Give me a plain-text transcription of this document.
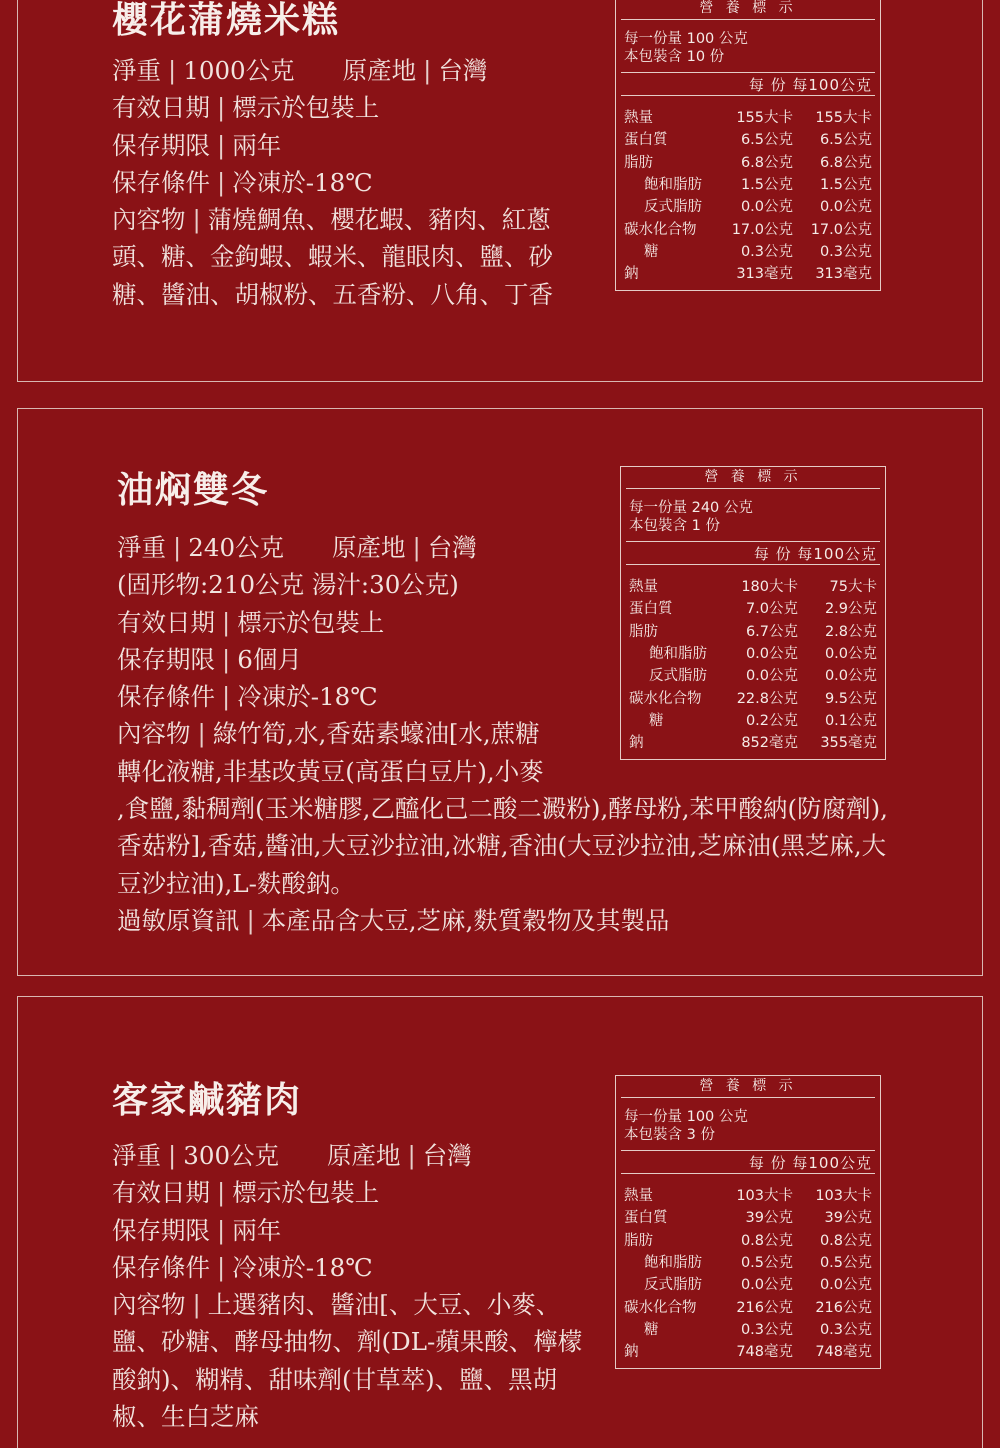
櫻花蒲燒米糕
淨重 | 1000公克 原產地 | 台灣
有效日期 | 標示於包裝上
保存期限 | 兩年
保存條件 | 冷凍於-18℃
內容物 | 蒲燒鯛魚、櫻花蝦、豬肉、紅蔥頭、糖、金鉤蝦、蝦米、龍眼肉、鹽、砂糖、醬油、胡椒粉、五香粉、八角、丁香
營 養 標 示
每一份量 100 公克
本包裝含 10 份
每 份 每100公克
熱量	155大卡	155大卡
蛋白質	6.5公克	6.5公克
脂肪	6.8公克	6.8公克
飽和脂肪	1.5公克	1.5公克
反式脂肪	0.0公克	0.0公克
碳水化合物	17.0公克	17.0公克
糖	0.3公克	0.3公克
鈉	313毫克	313毫克
油焖雙冬
淨重 | 240公克 原產地 | 台灣
(固形物:210公克 湯汁:30公克)
有效日期 | 標示於包裝上
保存期限 | 6個月
保存條件 | 冷凍於-18℃
內容物 | 綠竹筍,水,香菇素蠔油[水,蔗糖
轉化液糖,非基改黃豆(高蛋白豆片),小麥
,食鹽,黏稠劑(玉米糖膠,乙醯化己二酸二澱粉),酵母粉,苯甲酸納(防腐劑),香菇粉],香菇,醬油,大豆沙拉油,冰糖,香油(大豆沙拉油,芝麻油(黑芝麻,大豆沙拉油),L-麩酸鈉。
過敏原資訊 | 本產品含大豆,芝麻,麩質穀物及其製品
營 養 標 示
每一份量 240 公克
本包裝含 1 份
每 份 每100公克
熱量	180大卡	75大卡
蛋白質	7.0公克	2.9公克
脂肪	6.7公克	2.8公克
飽和脂肪	0.0公克	0.0公克
反式脂肪	0.0公克	0.0公克
碳水化合物	22.8公克	9.5公克
糖	0.2公克	0.1公克
鈉	852毫克	355毫克
客家鹹豬肉
淨重 | 300公克 原產地 | 台灣
有效日期 | 標示於包裝上
保存期限 | 兩年
保存條件 | 冷凍於-18℃
內容物 | 上選豬肉、醬油[、大豆、小麥、鹽、砂糖、酵母抽物、劑(DL-蘋果酸、檸檬酸鈉)、糊精、甜味劑(甘草萃)、鹽、黑胡椒、生白芝麻
營 養 標 示
每一份量 100 公克
本包裝含 3 份
每 份 每100公克
熱量	103大卡	103大卡
蛋白質	39公克	39公克
脂肪	0.8公克	0.8公克
飽和脂肪	0.5公克	0.5公克
反式脂肪	0.0公克	0.0公克
碳水化合物	216公克	216公克
糖	0.3公克	0.3公克
鈉	748毫克	748毫克
